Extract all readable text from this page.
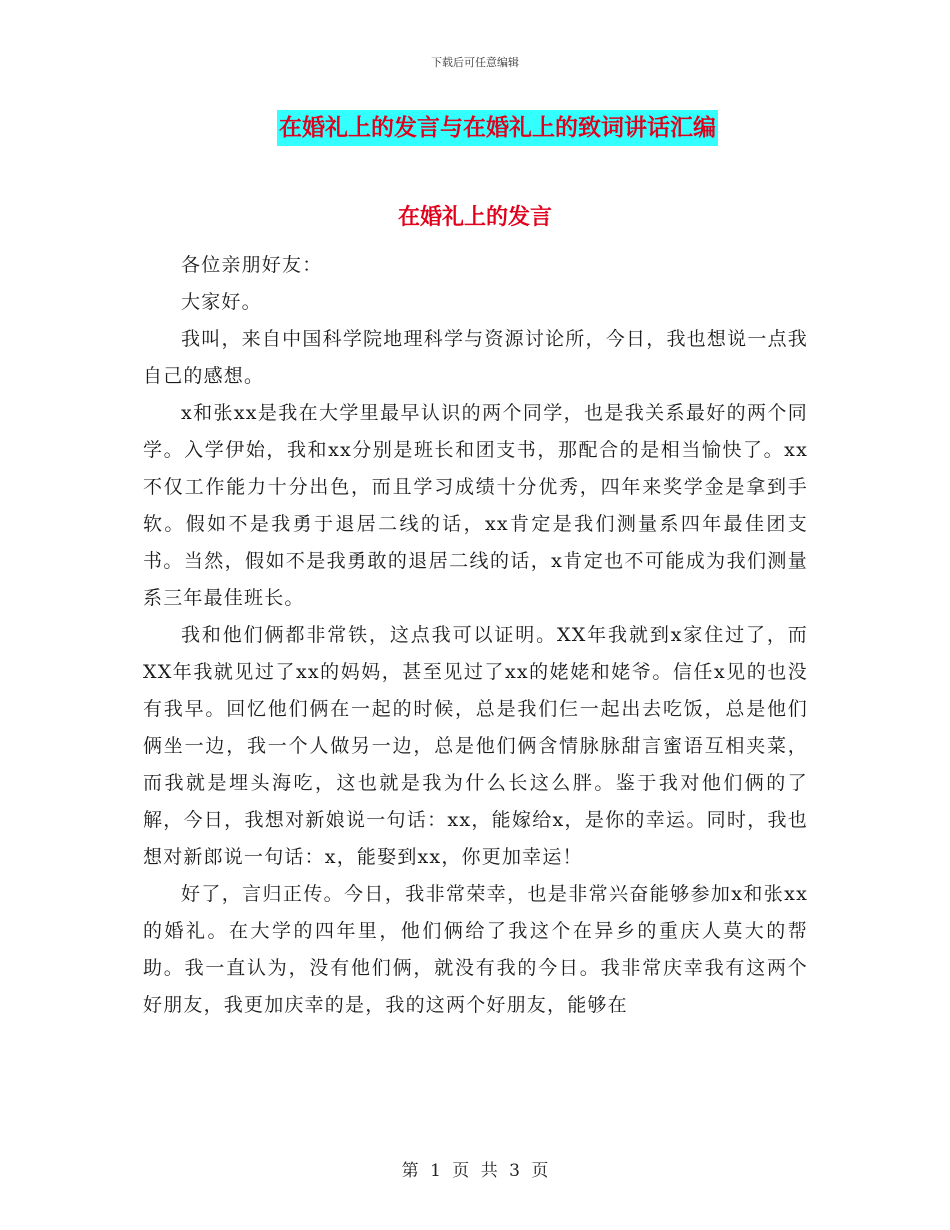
下载后可任意编辑
在婚礼上的发言与在婚礼上的致词讲话汇编
在婚礼上的发言

各位亲朋好友：

大家好。

我叫，来自中国科学院地理科学与资源讨论所，今日，我也想说一点我自己的感想。

x和张xx是我在大学里最早认识的两个同学，也是我关系最好的两个同学。入学伊始，我和xx分别是班长和团支书，那配合的是相当愉快了。xx不仅工作能力十分出色，而且学习成绩十分优秀，四年来奖学金是拿到手软。假如不是我勇于退居二线的话，xx肯定是我们测量系四年最佳团支书。当然，假如不是我勇敢的退居二线的话，x肯定也不可能成为我们测量系三年最佳班长。

我和他们俩都非常铁，这点我可以证明。XX年我就到x家住过了，而XX年我就见过了xx的妈妈，甚至见过了xx的姥姥和姥爷。信任x见的也没有我早。回忆他们俩在一起的时候，总是我们仨一起出去吃饭，总是他们俩坐一边，我一个人做另一边，总是他们俩含情脉脉甜言蜜语互相夹菜，而我就是埋头海吃，这也就是我为什么长这么胖。鉴于我对他们俩的了解，今日，我想对新娘说一句话：xx，能嫁给x，是你的幸运。同时，我也想对新郎说一句话：x，能娶到xx，你更加幸运！

好了，言归正传。今日，我非常荣幸，也是非常兴奋能够参加x和张xx的婚礼。在大学的四年里，他们俩给了我这个在异乡的重庆人莫大的帮助。我一直认为，没有他们俩，就没有我的今日。我非常庆幸我有这两个好朋友，我更加庆幸的是，我的这两个好朋友，能够在

第 1 页 共 3 页
